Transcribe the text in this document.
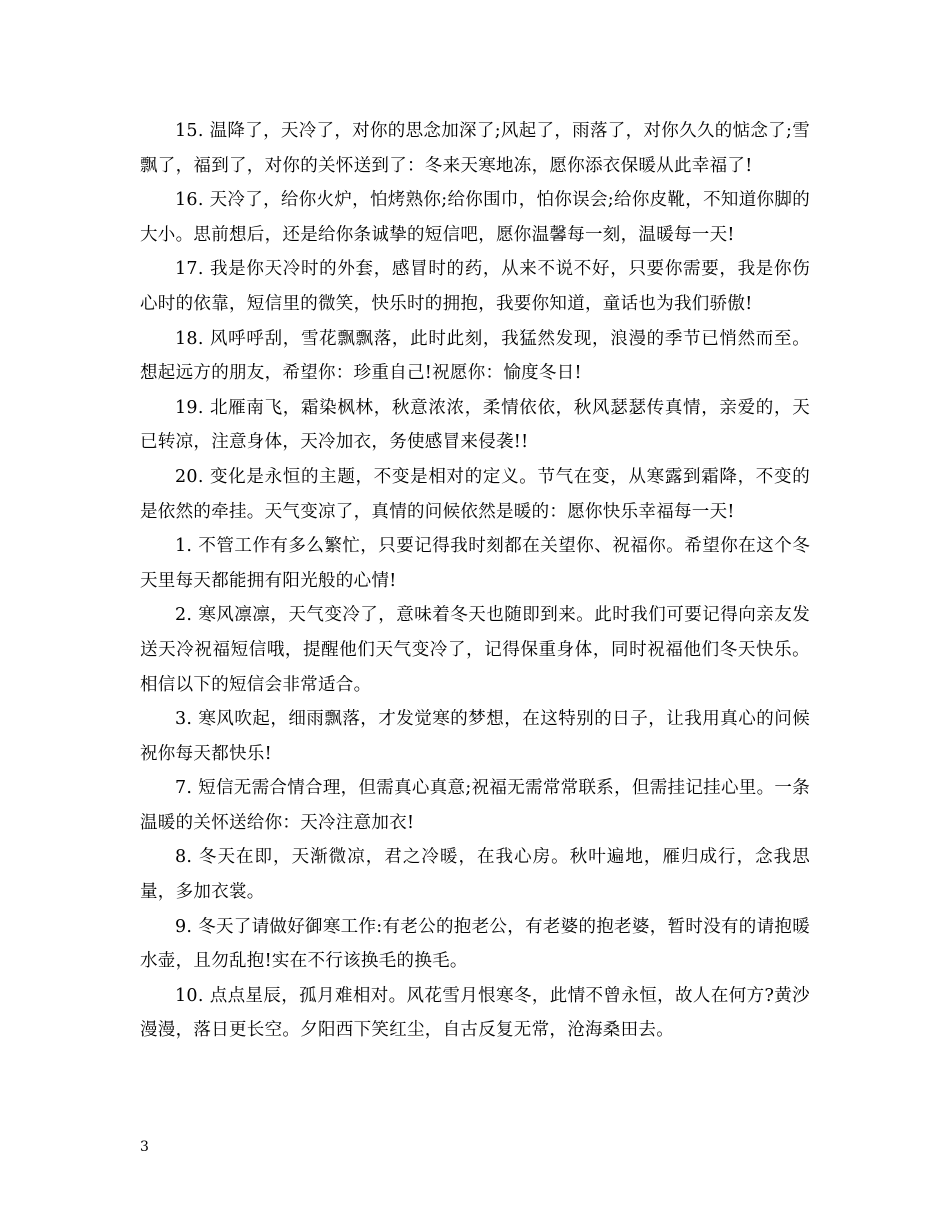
15. 温降了，天冷了，对你的思念加深了;风起了，雨落了，对你久久的惦念了;雪飘了，福到了，对你的关怀送到了：冬来天寒地冻，愿你添衣保暖从此幸福了!

16. 天冷了，给你火炉，怕烤熟你;给你围巾，怕你误会;给你皮靴，不知道你脚的大小。思前想后，还是给你条诚挚的短信吧，愿你温馨每一刻，温暖每一天!

17. 我是你天冷时的外套，感冒时的药，从来不说不好，只要你需要，我是你伤心时的依靠，短信里的微笑，快乐时的拥抱，我要你知道，童话也为我们骄傲!

18. 风呼呼刮，雪花飘飘落，此时此刻，我猛然发现，浪漫的季节已悄然而至。想起远方的朋友，希望你：珍重自己!祝愿你：愉度冬日!

19. 北雁南飞，霜染枫林，秋意浓浓，柔情依依，秋风瑟瑟传真情，亲爱的，天已转凉，注意身体，天冷加衣，务使感冒来侵袭!!

20. 变化是永恒的主题，不变是相对的定义。节气在变，从寒露到霜降，不变的是依然的牵挂。天气变凉了，真情的问候依然是暖的：愿你快乐幸福每一天!

1. 不管工作有多么繁忙，只要记得我时刻都在关望你、祝福你。希望你在这个冬天里每天都能拥有阳光般的心情!

2. 寒风凛凛，天气变冷了，意味着冬天也随即到来。此时我们可要记得向亲友发送天冷祝福短信哦，提醒他们天气变冷了，记得保重身体，同时祝福他们冬天快乐。相信以下的短信会非常适合。

3. 寒风吹起，细雨飘落，才发觉寒的梦想，在这特别的日子，让我用真心的问候祝你每天都快乐!

7. 短信无需合情合理，但需真心真意;祝福无需常常联系，但需挂记挂心里。一条温暖的关怀送给你：天冷注意加衣!

8. 冬天在即，天渐微凉，君之冷暖，在我心房。秋叶遍地，雁归成行，念我思量，多加衣裳。

9. 冬天了请做好御寒工作:有老公的抱老公，有老婆的抱老婆，暂时没有的请抱暖水壶，且勿乱抱!实在不行该换毛的换毛。

10. 点点星辰，孤月难相对。风花雪月恨寒冬，此情不曾永恒，故人在何方?黄沙漫漫，落日更长空。夕阳西下笑红尘，自古反复无常，沧海桑田去。

3
